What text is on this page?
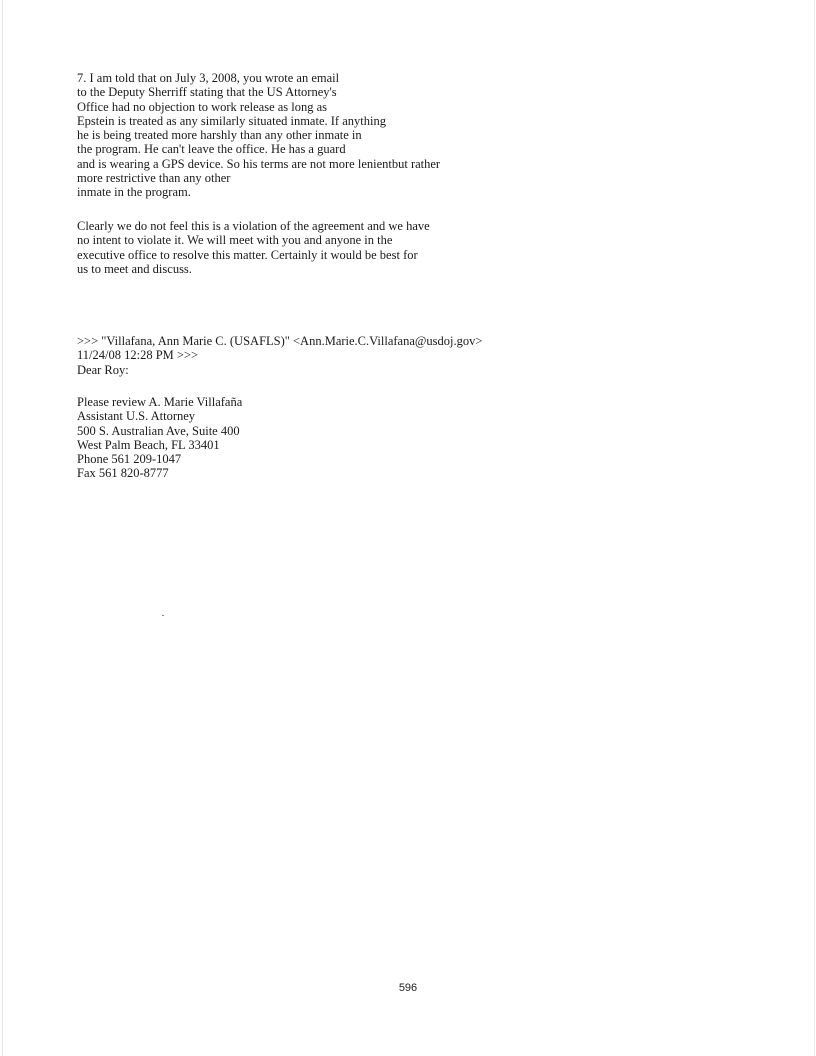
7. I am told that on July 3, 2008, you wrote an email
to the Deputy Sherriff stating that the US Attorney's
Office had no objection to work release as long as
Epstein is treated as any similarly situated inmate. If anything
he is being treated more harshly than any other inmate in
the program. He can't leave the office. He has a guard
and is wearing a GPS device. So his terms are not more lenientbut rather
more restrictive than any other
inmate in the program.
Clearly we do not feel this is a violation of the agreement and we have
no intent to violate it. We will meet with you and anyone in the
executive office to resolve this matter. Certainly it would be best for
us to meet and discuss.
>>> "Villafana, Ann Marie C. (USAFLS)" <Ann.Marie.C.Villafana@usdoj.gov>
11/24/08 12:28 PM >>>
Dear Roy:
Please review A. Marie Villafaña
Assistant U.S. Attorney
500 S. Australian Ave, Suite 400
West Palm Beach, FL 33401
Phone 561 209-1047
Fax 561 820-8777
596
